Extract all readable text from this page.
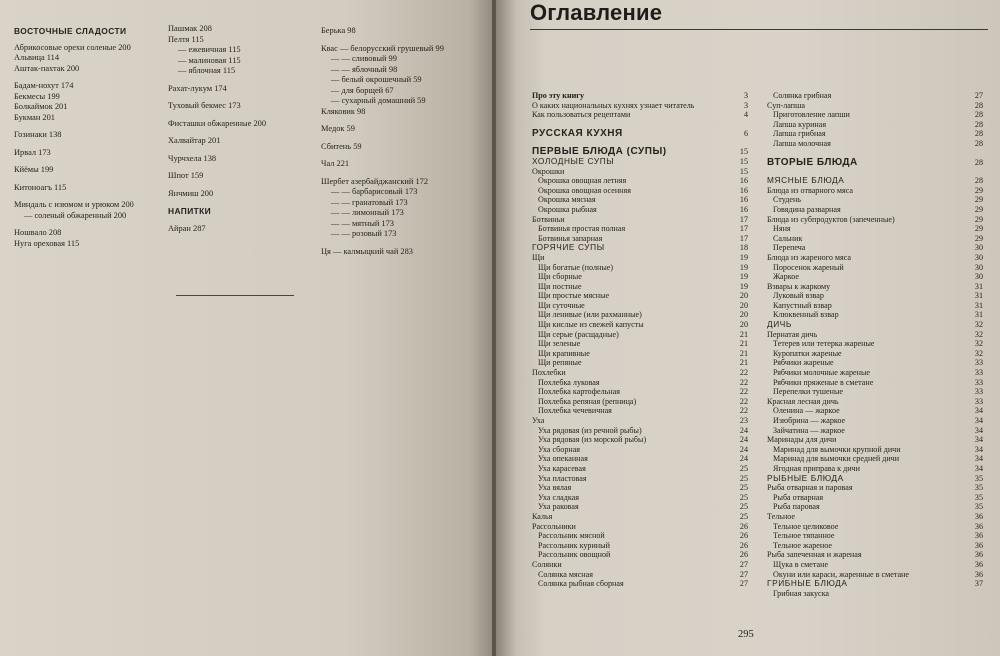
ВОСТОЧНЫЕ СЛАДОСТИ
Абрикосовые орехи соленые 200
Альвица 114
Аштак-пахтак 200
Бадам-нохут 174
Бекмесы 199
Болкаймок 201
Букман 201
Гозинаки 138
Ирвал 173
Кйёмы 199
Китоноагъ 115
Миндаль с изюмом и урюком 200
— соленый обжаренный 200
Ношвало 208
Нуга ореховая 115
Пашмак 208
Пелтя 115
— ежевичная 115
— малиновая 115
— яблочная 115
Рахат-лукум 174
Туховый бекмес 173
Фисташки обжаренные 200
Халвайтар 201
Чурчхела 138
Шпот 159
Янчмиш 200
НАПИТКИ
Айран 287
Берька 98
Квас — белорусский грушевый 99
— — сливовый 99
— — яблочный 98
— белый окрошечный 59
— для борщей 67
— сухарный домашний 59
Кляковик 98
Медок 59
Сбитень 59
Чал 221
Шербет азербайджанский 172
— — барбарисовый 173
— — гранатовый 173
— — лимонный 173
— — мятный 173
— — розовый 173
Ця — калмыцкий чай 283
Оглавление
Про эту книгу	3
О каких национальных кухнях узнает читатель	3
Как пользоваться рецептами	4
РУССКАЯ КУХНЯ	6
ПЕРВЫЕ БЛЮДА (СУПЫ)	15
ХОЛОДНЫЕ СУПЫ	15
Окрошки	15
Окрошка овощная летняя	16
Окрошка овощная осенняя	16
Окрошка мясная	16
Окрошка рыбная	16
Ботвиньи	17
Ботвинья простая полная	17
Ботвинья запарная	17
ГОРЯЧИЕ СУПЫ	18
Щи	19
Щи богатые (полные)	19
Щи сборные	19
Щи постные	19
Щи простые мясные	20
Щи суточные	20
Щи ленивые (или рахманные)	20
Щи кислые из свежей капусты	20
Щи серые (расщадные)	21
Щи зеленые	21
Щи крапивные	21
Щи репяные	21
Похлебки	22
Похлебка луковая	22
Похлебка картофельная	22
Похлебка репяная (репница)	22
Похлебка чечевичная	22
Уха	23
Уха рядовая (из речной рыбы)	24
Уха рядовая (из морской рыбы)	24
Уха сборная	24
Уха опеканная	24
Уха карасевая	25
Уха пластовая	25
Уха вялая	25
Уха сладкая	25
Уха раковая	25
Калья	25
Рассольники	26
Рассольник мясной	26
Рассольник куриный	26
Рассольник овощной	26
Солянки	27
Солянка мясная	27
Солянка рыбная сборная	27
Солянка грибная	27
Суп-лапша	28
Приготовление лапши	28
Лапша куриная	28
Лапша грибная	28
Лапша молочная	28
ВТОРЫЕ БЛЮДА	28
МЯСНЫЕ БЛЮДА	28
Блюда из отварного мяса	29
Студень	29
Говядина разварная	29
Блюда из субпродуктов (запеченные)	29
Няня	29
Сальник	29
Перепеча	30
Блюда из жареного мяса	30
Поросенок жареный	30
Жаркое	30
Взвары к жаркому	31
Луковый взвар	31
Капустный взвар	31
Клюквенный взвар	31
ДИЧЬ	32
Пернатая дичь	32
Тетерев или тетерка жареные	32
Куропатки жареные	32
Рябчики жареные	33
Рябчики молочные жареные	33
Рябчики пряженые в сметане	33
Перепелки тушеные	33
Красная лесная дичь	33
Оленина — жаркое	34
Изюбрина — жаркое	34
Зайчатина — жаркое	34
Маринады для дичи	34
Маринад для вымочки крупной дичи	34
Маринад для вымочки средней дичи	34
Ягодная приправа к дичи	34
РЫБНЫЕ БЛЮДА	35
Рыба отварная и паровая	35
Рыба отварная	35
Рыба паровая	35
Тельное	36
Тельное целиковое	36
Тельное тяпанное	36
Тельное жареное	36
Рыба запеченная и жареная	36
Щука в сметане	36
Окуни или караси, жаренные в сметане	36
ГРИБНЫЕ БЛЮДА	37
Грибная закуска
295
